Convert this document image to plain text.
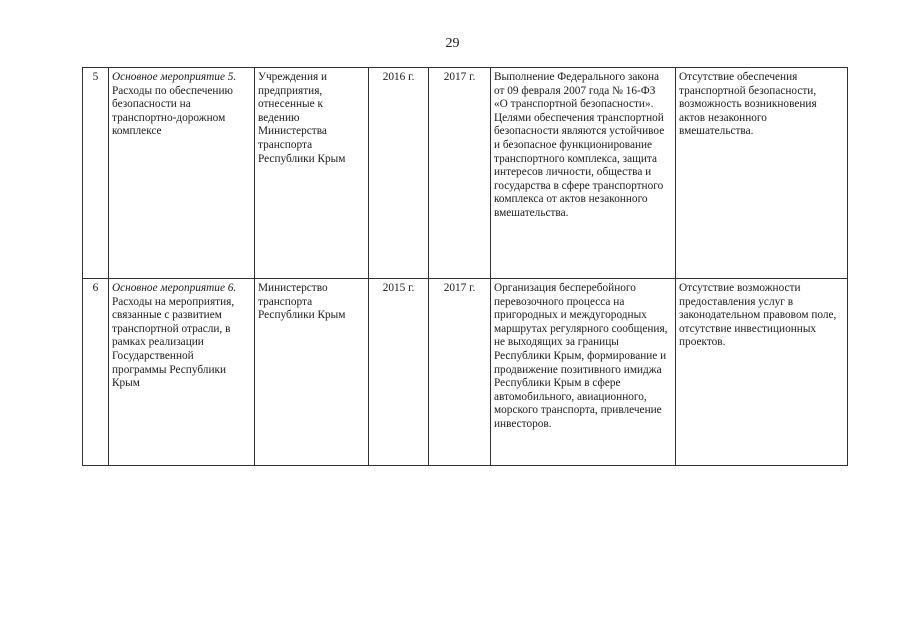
29
5	Основное мероприятие 5. Расходы по обеспечению безопасности на транспортно-дорожном комплексе	Учреждения и предприятия, отнесенные к ведению Министерства транспорта Республики Крым	2016 г.	2017 г.	Выполнение Федерального закона от 09 февраля 2007 года № 16-ФЗ «О транспортной безопасности». Целями обеспечения транспортной безопасности являются устойчивое и безопасное функционирование транспортного комплекса, защита интересов личности, общества и государства в сфере транспортного комплекса от актов незаконного вмешательства.	Отсутствие обеспечения транспортной безопасности, возможность возникновения актов незаконного вмешательства.
6	Основное мероприятие 6. Расходы на мероприятия, связанные с развитием транспортной отрасли, в рамках реализации Государственной программы Республики Крым	Министерство транспорта Республики Крым	2015 г.	2017 г.	Организация бесперебойного перевозочного процесса на пригородных и междугородных маршрутах регулярного сообщения, не выходящих за границы Республики Крым, формирование и продвижение позитивного имиджа Республики Крым в сфере автомобильного, авиационного, морского транспорта, привлечение инвесторов.	Отсутствие возможности предоставления услуг в законодательном правовом поле, отсутствие инвестиционных проектов.
